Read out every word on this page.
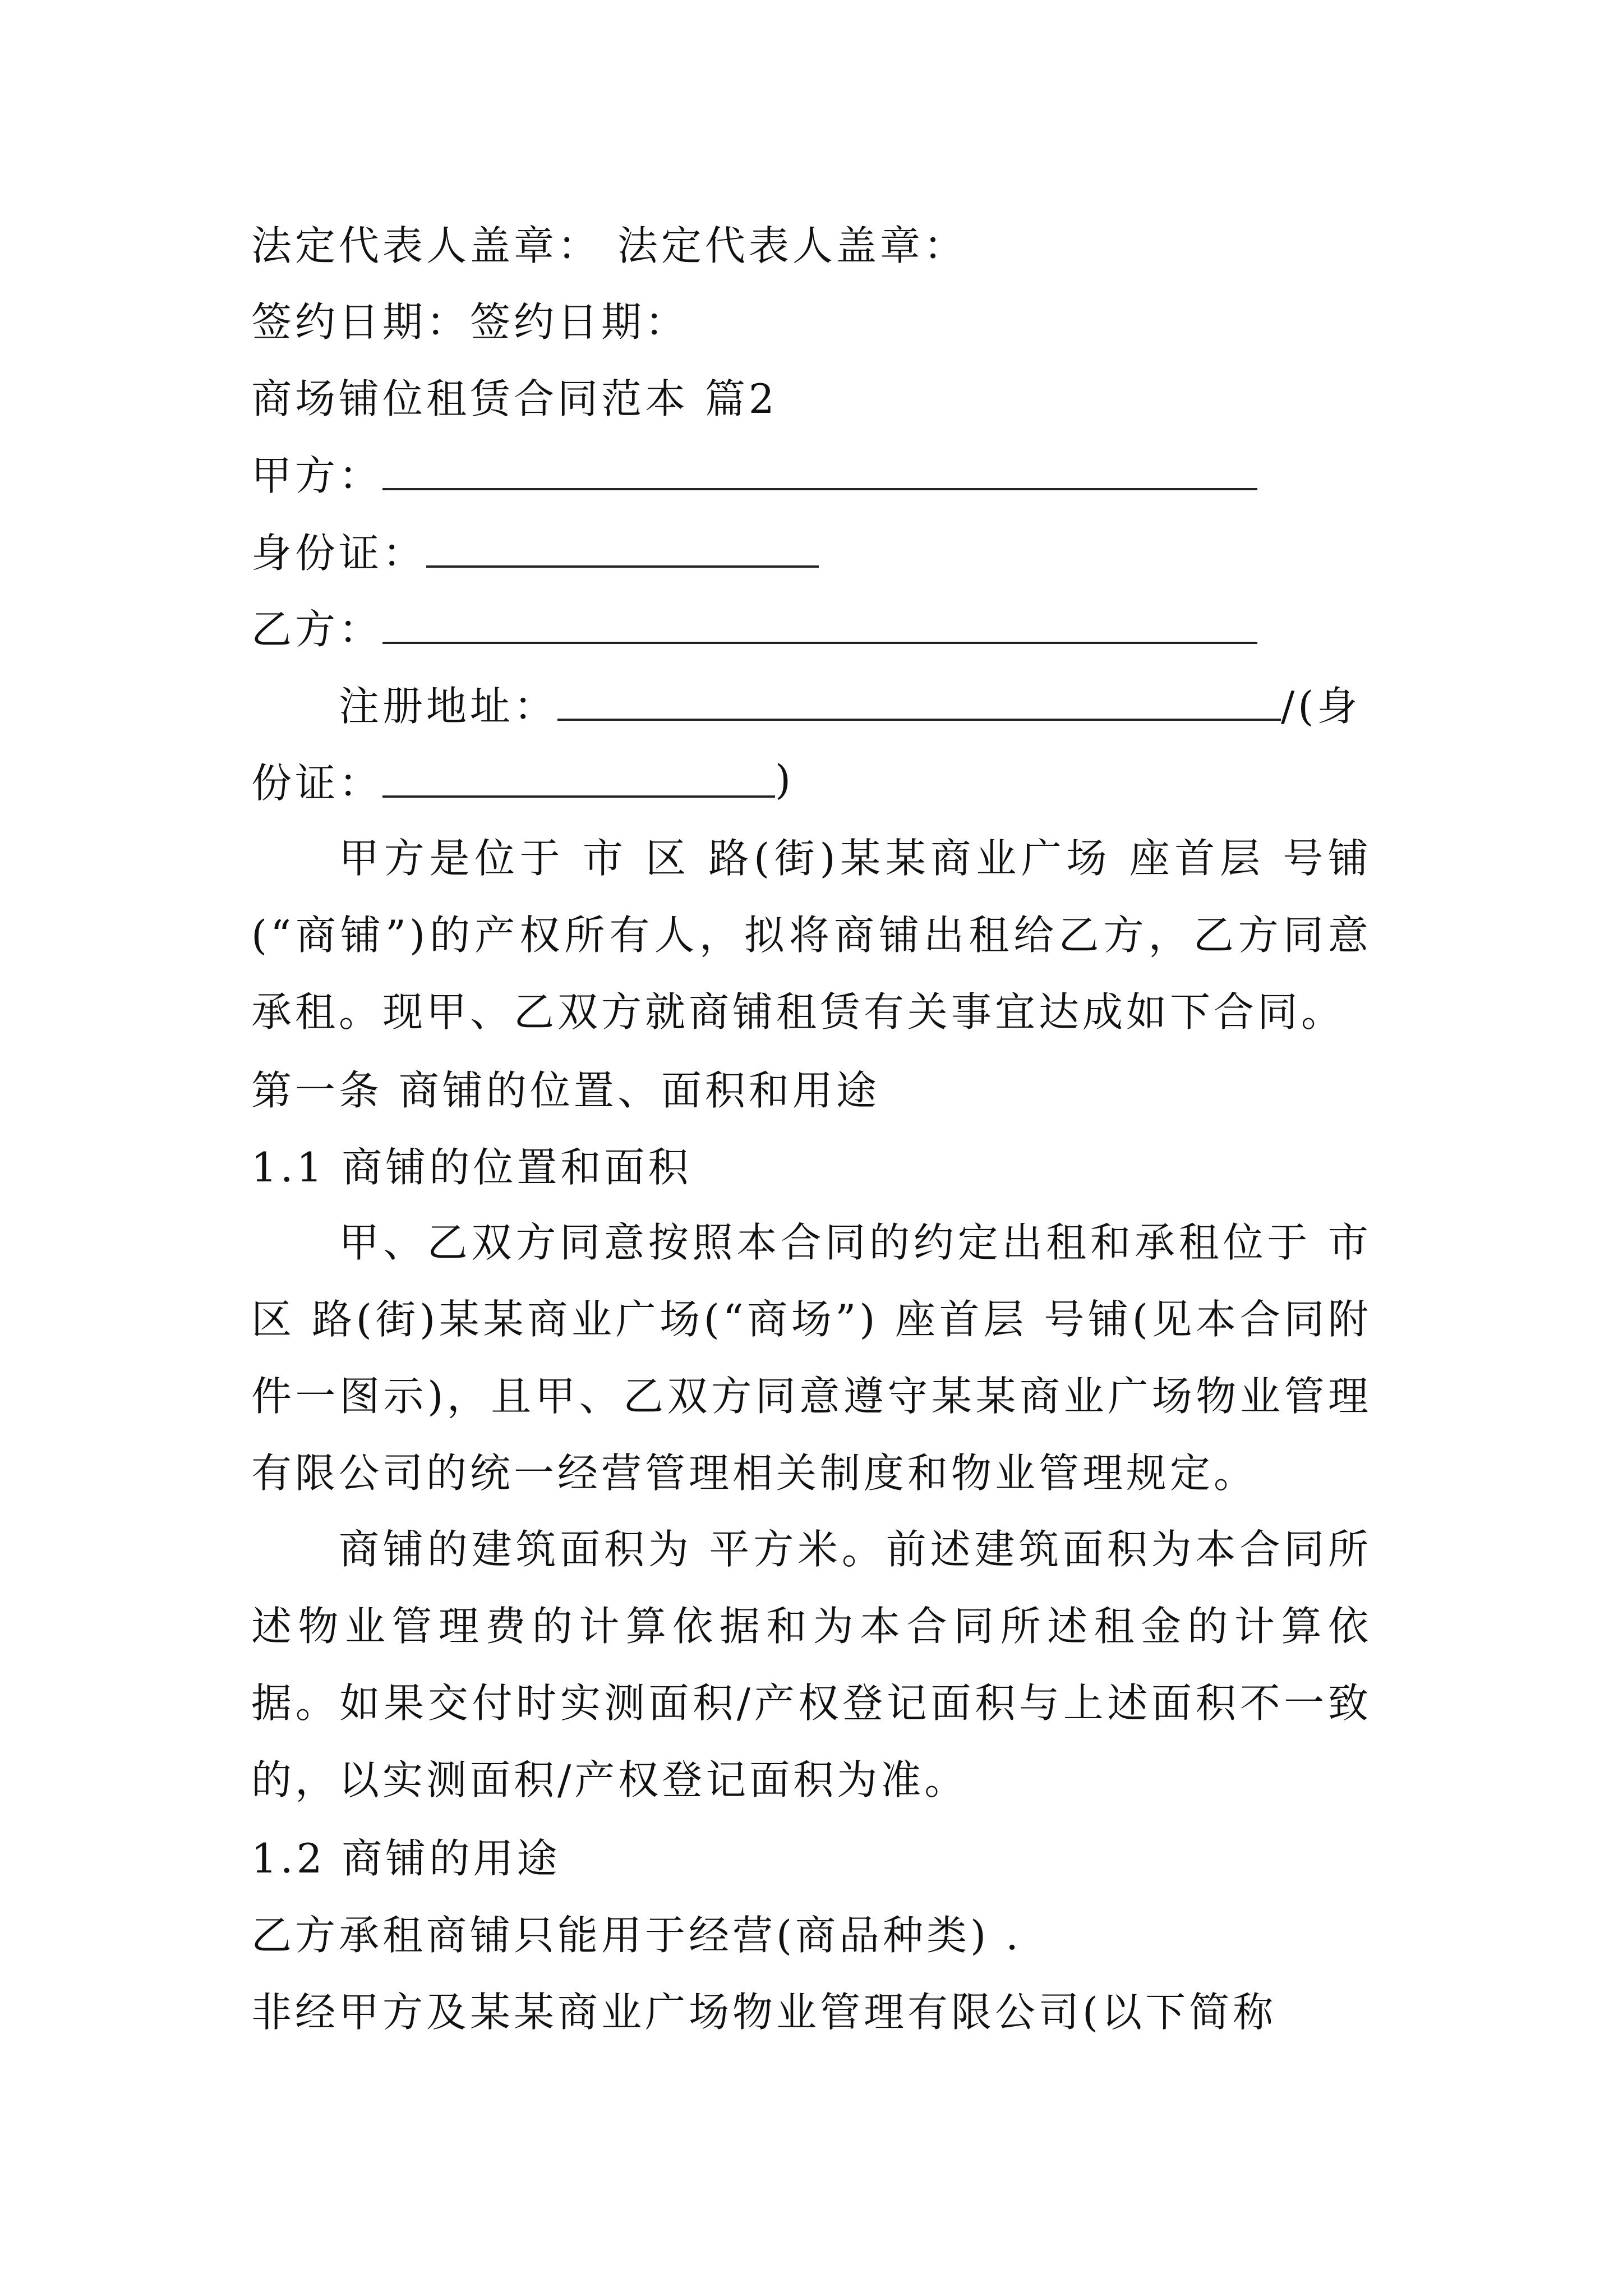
法定代表人盖章： 法定代表人盖章：
签约日期：签约日期：
商场铺位租赁合同范本 篇2
甲方：
身份证：
乙方：
注册地址：	/(身
份证：	)
甲方是位于 市 区 路(街)某某商业广场 座首层 号铺(“商铺”)的产权所有人，拟将商铺出租给乙方，乙方同意承租。现甲、乙双方就商铺租赁有关事宜达成如下合同。
第一条 商铺的位置、面积和用途
1.1 商铺的位置和面积
甲、乙双方同意按照本合同的约定出租和承租位于 市 区 路(街)某某商业广场(“商场”) 座首层 号铺(见本合同附件一图示)，且甲、乙双方同意遵守某某商业广场物业管理有限公司的统一经营管理相关制度和物业管理规定。
商铺的建筑面积为 平方米。前述建筑面积为本合同所述物业管理费的计算依据和为本合同所述租金的计算依据。如果交付时实测面积/产权登记面积与上述面积不一致的，以实测面积/产权登记面积为准。
1.2 商铺的用途
乙方承租商铺只能用于经营(商品种类) .
非经甲方及某某商业广场物业管理有限公司(以下简称
